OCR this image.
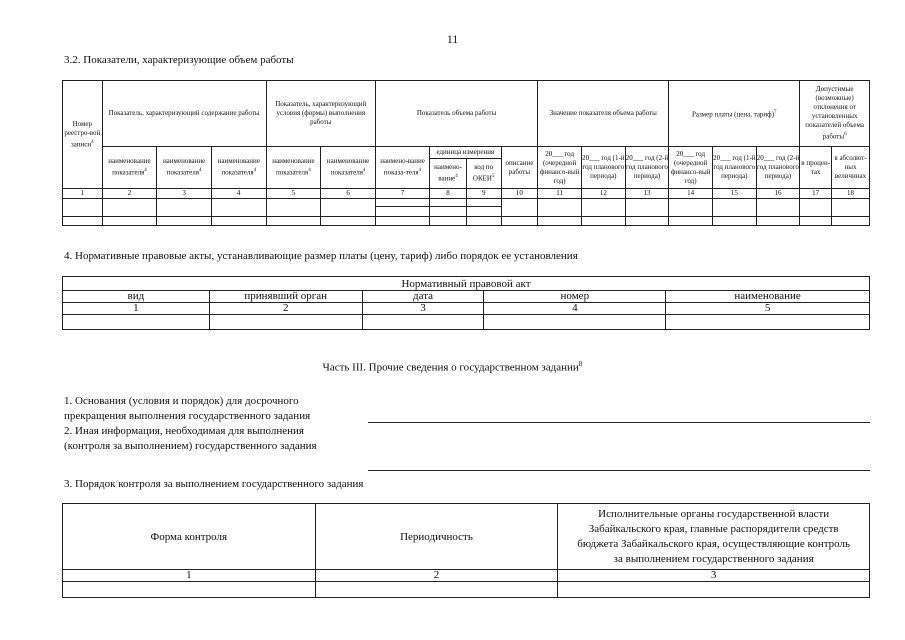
11
3.2. Показатели, характеризующие объем работы
Номер реестро-вой записи$^4$	Показатель, характеризующий содержание работы			Показатель, характеризующий условия (формы) выполнения работы		Показатель объема работы				Значение показателя объема работы			Размер платы (цена, тариф)$^7$			Допустимые (возможные) отклонения от установленных показателей объема работы$^6$
	наименование показателя$^4$	наименование показателя$^4$	наименование показателя$^4$	наименование показателя$^4$	наименование показателя$^4$	наимено-вание показа-теля$^4$	единица измерения		описание работы	20___ год (очередной финансо-вый год)	20___ год (1-й год планового периода)	20___ год (2-й год планового периода)	20___ год (очередной финансо-вый год)	20___ год (1-й год планового периода)	20___ год (2-й год планового периода)	в процен-тах	в абсолют-ных величинах
							наимено-вание$^4$	код по ОКЕИ$^5$
1	2	3	4	5	6	7	8	9	10	11	12	13	14	15	16	17	18

4. Нормативные правовые акты, устанавливающие размер платы (цену, тариф) либо порядок ее установления
Нормативный правовой акт				
вид	принявший орган	дата	номер	наименование
1	2	3	4	5

Часть III. Прочие сведения о государственном задании$^8$
1. Основания (условия и порядок) для досрочного
прекращения выполнения государственного задания
2. Иная информация, необходимая для выполнения
(контроля за выполнением) государственного задания
3. Порядок контроля за выполнением государственного задания
Форма контроля	Периодичность	Исполнительные органы государственной власти Забайкальского края, главные распорядители средств бюджета Забайкальского края, осуществляющие контроль за выполнением государственного задания
1	2	3
